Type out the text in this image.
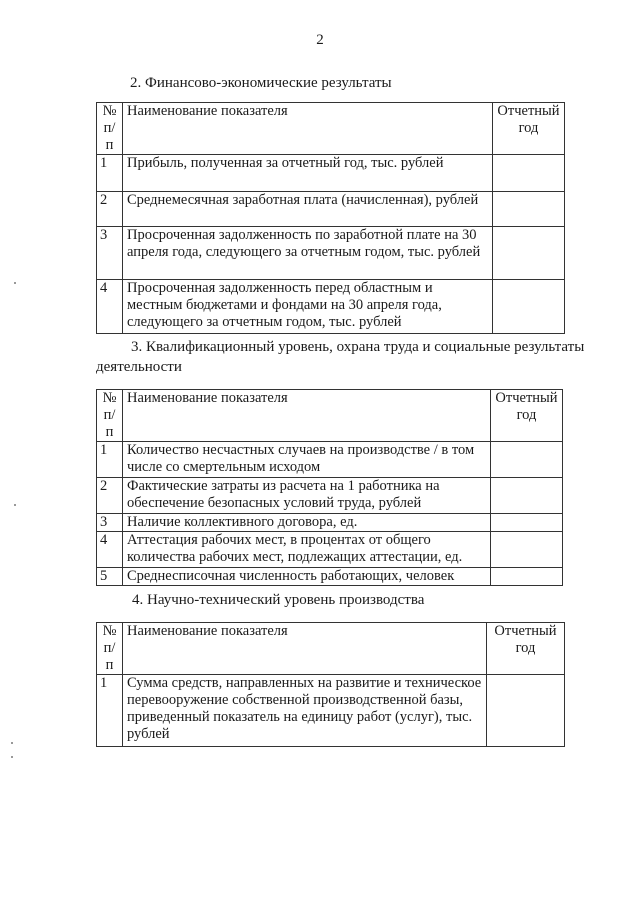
2
2. Финансово-экономические результаты
№ п/п	Наименование показателя	Отчетный год
1	Прибыль, полученная за отчетный год, тыс. рублей	
2	Среднемесячная заработная плата (начисленная), рублей	
3	Просроченная задолженность по заработной плате на 30 апреля года, следующего за отчетным годом, тыс. рублей	
4	Просроченная задолженность перед областным и местным бюджетами и фондами на 30 апреля года, следующего за отчетным годом, тыс. рублей	
3. Квалификационный уровень, охрана труда и социальные результаты деятельности
№ п/п	Наименование показателя	Отчетный год
1	Количество несчастных случаев на производстве / в том числе со смертельным исходом	
2	Фактические затраты из расчета на 1 работника на обеспечение безопасных условий труда, рублей	
3	Наличие коллективного договора, ед.	
4	Аттестация рабочих мест, в процентах от общего количества рабочих мест, подлежащих аттестации, ед.	
5	Среднесписочная численность работающих, человек	
4. Научно-технический уровень производства
№ п/п	Наименование показателя	Отчетный год
1	Сумма средств, направленных на развитие и техническое перевооружение собственной производственной базы, приведенный показатель на единицу работ (услуг), тыс. рублей	
